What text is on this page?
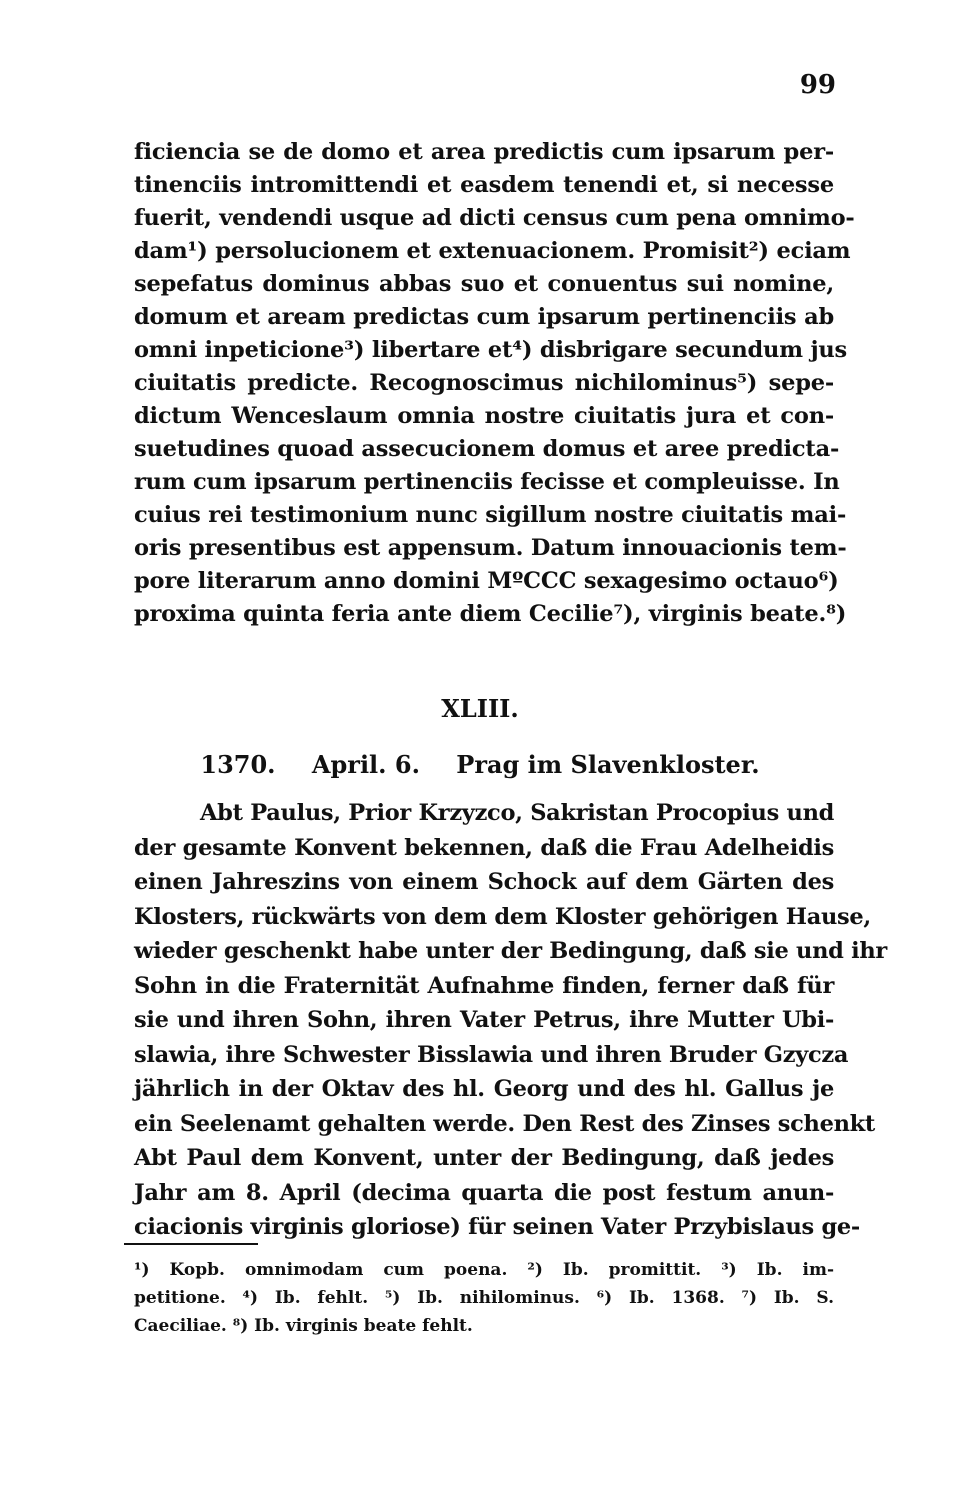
99
ficiencia se de domo et area predictis cum ipsarum per-
tinenciis intromittendi et easdem tenendi et, si necesse
fuerit, vendendi usque ad dicti census cum pena omnimo-
dam¹) persolucionem et extenuacionem. Promisit²) eciam
sepefatus dominus abbas suo et conuentus sui nomine,
domum et aream predictas cum ipsarum pertinenciis ab
omni inpeticione³) libertare et⁴) disbrigare secundum jus
ciuitatis predicte. Recognoscimus nichilominus⁵) sepe-
dictum Wenceslaum omnia nostre ciuitatis jura et con-
suetudines quoad assecucionem domus et aree predicta-
rum cum ipsarum pertinenciis fecisse et compleuisse. In
cuius rei testimonium nunc sigillum nostre ciuitatis mai-
oris presentibus est appensum. Datum innouacionis tem-
pore literarum anno domini MºCCC sexagesimo octauo⁶)
proxima quinta feria ante diem Cecilie⁷), virginis beate.⁸)
XLIII.
1370. April. 6. Prag im Slavenkloster.
Abt Paulus, Prior Krzyzco, Sakristan Procopius und
der gesamte Konvent bekennen, daß die Frau Adelheidis
einen Jahreszins von einem Schock auf dem Gärten des
Klosters, rückwärts von dem dem Kloster gehörigen Hause,
wieder geschenkt habe unter der Bedingung, daß sie und ihr
Sohn in die Fraternität Aufnahme finden, ferner daß für
sie und ihren Sohn, ihren Vater Petrus, ihre Mutter Ubi-
slawia, ihre Schwester Bisslawia und ihren Bruder Gzycza
jährlich in der Oktav des hl. Georg und des hl. Gallus je
ein Seelenamt gehalten werde. Den Rest des Zinses schenkt
Abt Paul dem Konvent, unter der Bedingung, daß jedes
Jahr am 8. April (decima quarta die post festum anun-
ciacionis virginis gloriose) für seinen Vater Przybislaus ge-
¹) Kopb. omnimodam cum poena. ²) Ib. promittit. ³) Ib. im-
petitione. ⁴) Ib. fehlt. ⁵) Ib. nihilominus. ⁶) Ib. 1368. ⁷) Ib. S.
Caeciliae. ⁸) Ib. virginis beate fehlt.
